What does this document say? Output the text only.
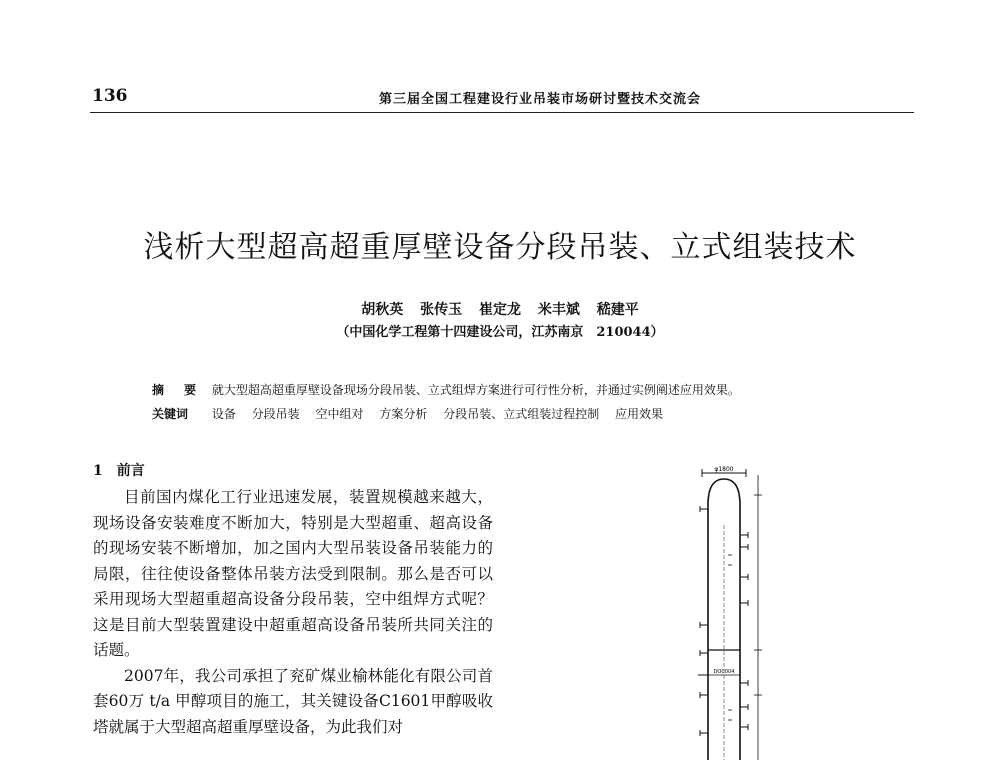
136	第三届全国工程建设行业吊装市场研讨暨技术交流会
浅析大型超高超重厚壁设备分段吊装、立式组装技术
胡秋英 张传玉 崔定龙 米丰斌 嵇建平
（中国化学工程第十四建设公司，江苏南京　210044）
摘　要 就大型超高超重厚壁设备现场分段吊装、立式组焊方案进行可行性分析，并通过实例阐述应用效果。
关键词 设备 分段吊装 空中组对 方案分析 分段吊装、立式组装过程控制 应用效果
1　前言

目前国内煤化工行业迅速发展，装置规模越来越大，现场设备安装难度不断加大，特别是大型超重、超高设备的现场安装不断增加，加之国内大型吊装设备吊装能力的局限，往往使设备整体吊装方法受到限制。那么是否可以采用现场大型超重超高设备分段吊装，空中组焊方式呢？这是目前大型装置建设中超重超高设备吊装所共同关注的话题。

2007年，我公司承担了兖矿煤业榆林能化有限公司首套60万 t/a 甲醇项目的施工，其关键设备C1601甲醇吸收塔就属于大型超高超重厚壁设备，为此我们对

φ1800
DOC004
